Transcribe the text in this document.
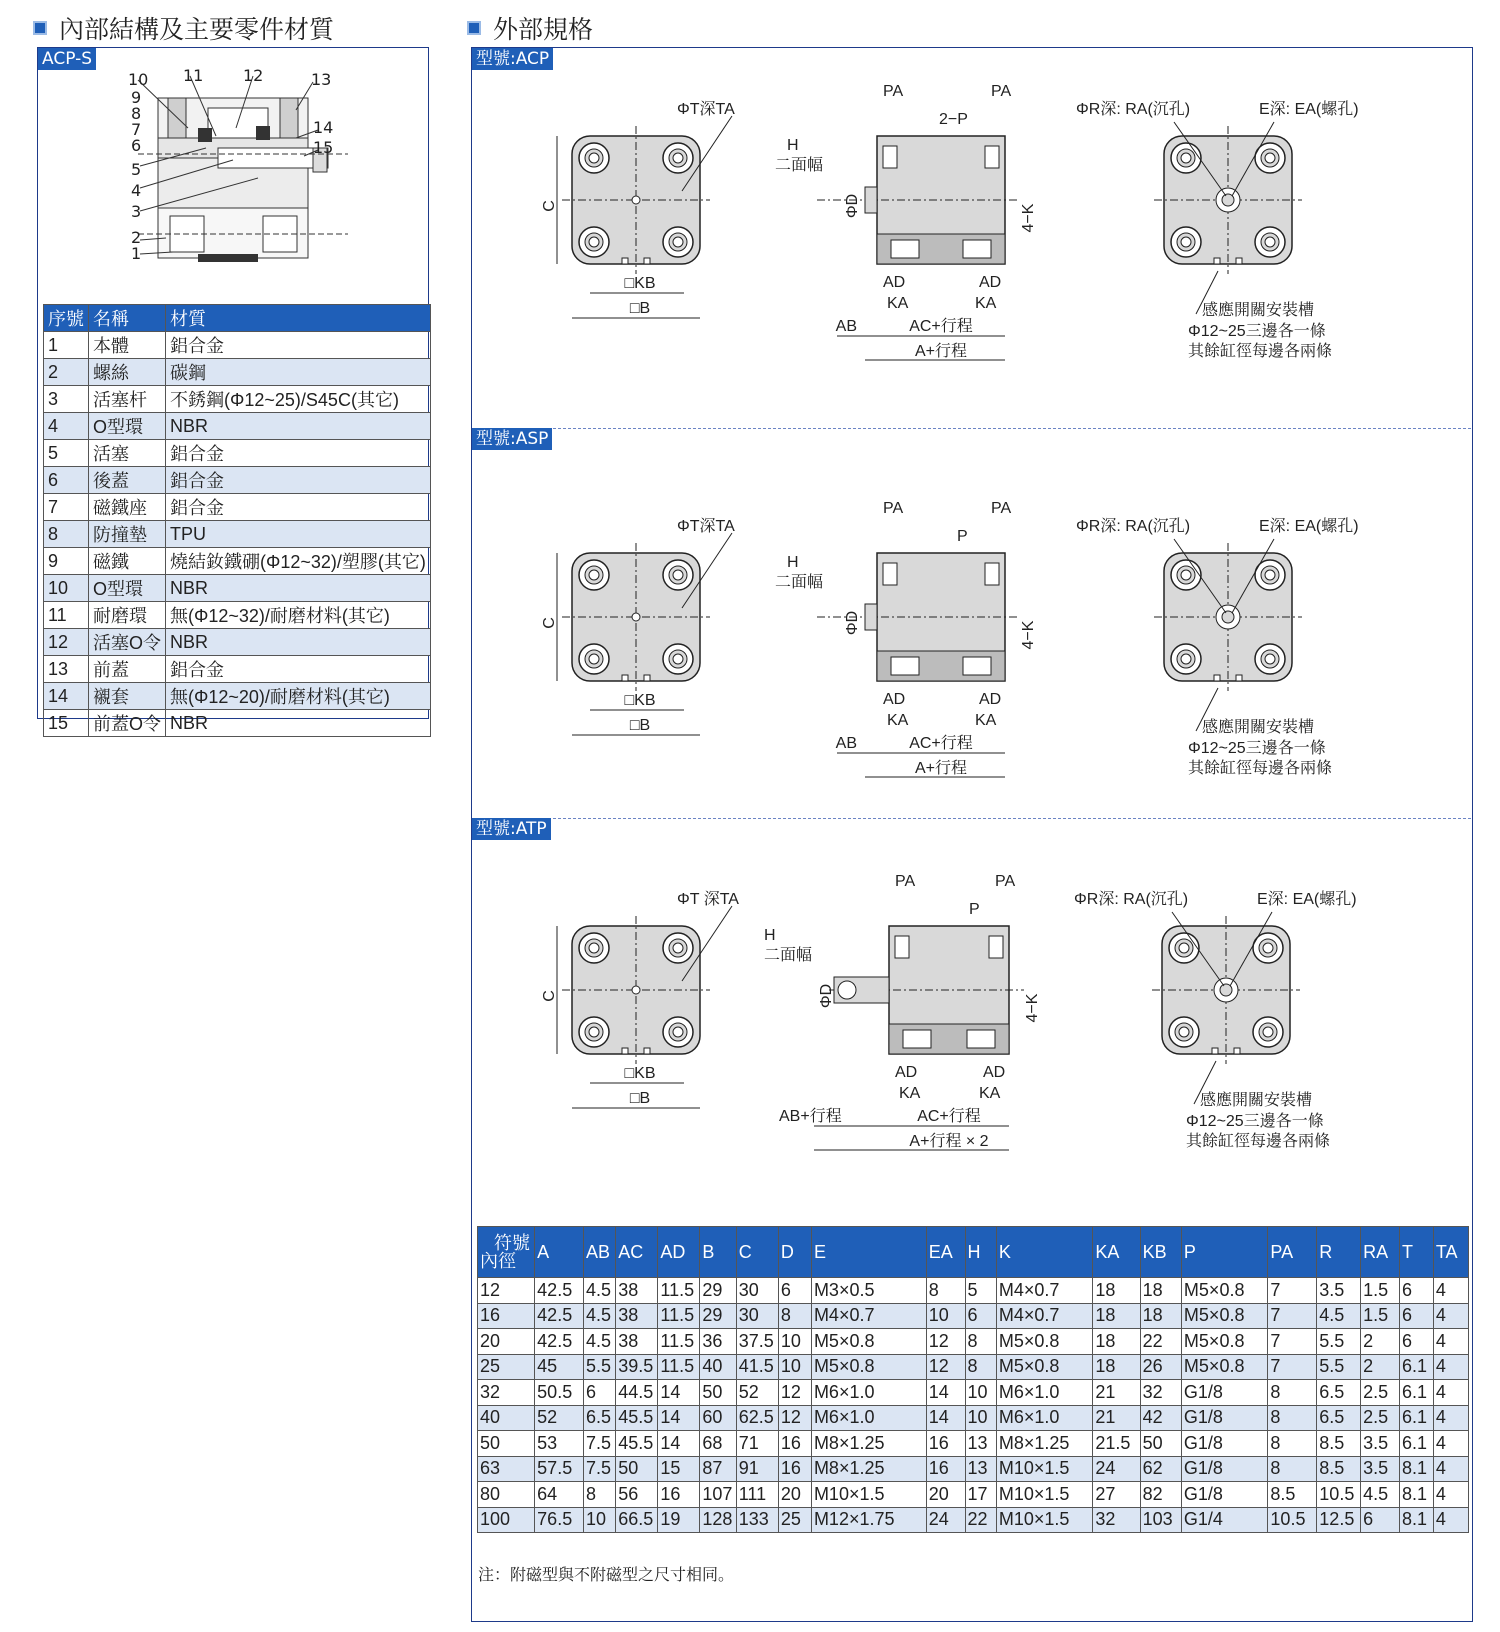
內部結構及主要零件材質
ACP-S
10 11 12	13
9
8
7
6
5
4
3
2
1
14
15
序號	名稱	材質
1	本體	鋁合金
2	螺絲	碳鋼
3	活塞杆	不銹鋼(Φ12~25)/S45C(其它)
4	O型環	NBR
5	活塞	鋁合金
6	後蓋	鋁合金
7	磁鐵座	鋁合金
8	防撞墊	TPU
9	磁鐵	燒結釹鐵硼(Φ12~32)/塑膠(其它)
10	O型環	NBR
11	耐磨環	無(Φ12~32)/耐磨材料(其它)
12	活塞O令	NBR
13	前蓋	鋁合金
14	襯套	無(Φ12~20)/耐磨材料(其它)
15	前蓋O令	NBR
外部規格
型號:ACP
ΦT深TA
C
□KB
□B
PA	PA
2−P
H
二面幅
ΦD	4−K
AD	AD
KA	KA
AB	AC+行程
A+行程
ΦR深: RA(沉孔)	E深: EA(螺孔)
感應開關安裝槽
Φ12~25三邊各一條
其餘缸徑每邊各兩條
型號:ASP
ΦT深TA
C
□KB
□B
PA	PA
P
H
二面幅
ΦD	4−K
AD	AD
KA	KA
AB	AC+行程
A+行程
ΦR深: RA(沉孔)	E深: EA(螺孔)
感應開關安裝槽
Φ12~25三邊各一條
其餘缸徑每邊各兩條
型號:ATP
ΦT 深TA
C
□KB
□B
PA	PA
P
H
二面幅
ΦD	4−K
AD	AD
KA	KA
AB+行程	AC+行程
A+行程 × 2
ΦR深: RA(沉孔)	E深: EA(螺孔)
感應開關安裝槽
Φ12~25三邊各一條
其餘缸徑每邊各兩條
符號
內徑	A	AB	AC	AD	B	C	D	E	EA	H	K	KA	KB	P	PA	R	RA	T	TA
12	42.5	4.5	38	11.5	29	30	6	M3×0.5	8	5	M4×0.7	18	18	M5×0.8	7	3.5	1.5	6	4
16	42.5	4.5	38	11.5	29	30	8	M4×0.7	10	6	M4×0.7	18	18	M5×0.8	7	4.5	1.5	6	4
20	42.5	4.5	38	11.5	36	37.5	10	M5×0.8	12	8	M5×0.8	18	22	M5×0.8	7	5.5	2	6	4
25	45	5.5	39.5	11.5	40	41.5	10	M5×0.8	12	8	M5×0.8	18	26	M5×0.8	7	5.5	2	6.1	4
32	50.5	6	44.5	14	50	52	12	M6×1.0	14	10	M6×1.0	21	32	G1/8	8	6.5	2.5	6.1	4
40	52	6.5	45.5	14	60	62.5	12	M6×1.0	14	10	M6×1.0	21	42	G1/8	8	6.5	2.5	6.1	4
50	53	7.5	45.5	14	68	71	16	M8×1.25	16	13	M8×1.25	21.5	50	G1/8	8	8.5	3.5	6.1	4
63	57.5	7.5	50	15	87	91	16	M8×1.25	16	13	M10×1.5	24	62	G1/8	8	8.5	3.5	8.1	4
80	64	8	56	16	107	111	20	M10×1.5	20	17	M10×1.5	27	82	G1/8	8.5	10.5	4.5	8.1	4
100	76.5	10	66.5	19	128	133	25	M12×1.75	24	22	M10×1.5	32	103	G1/4	10.5	12.5	6	8.1	4
注：附磁型與不附磁型之尺寸相同。
